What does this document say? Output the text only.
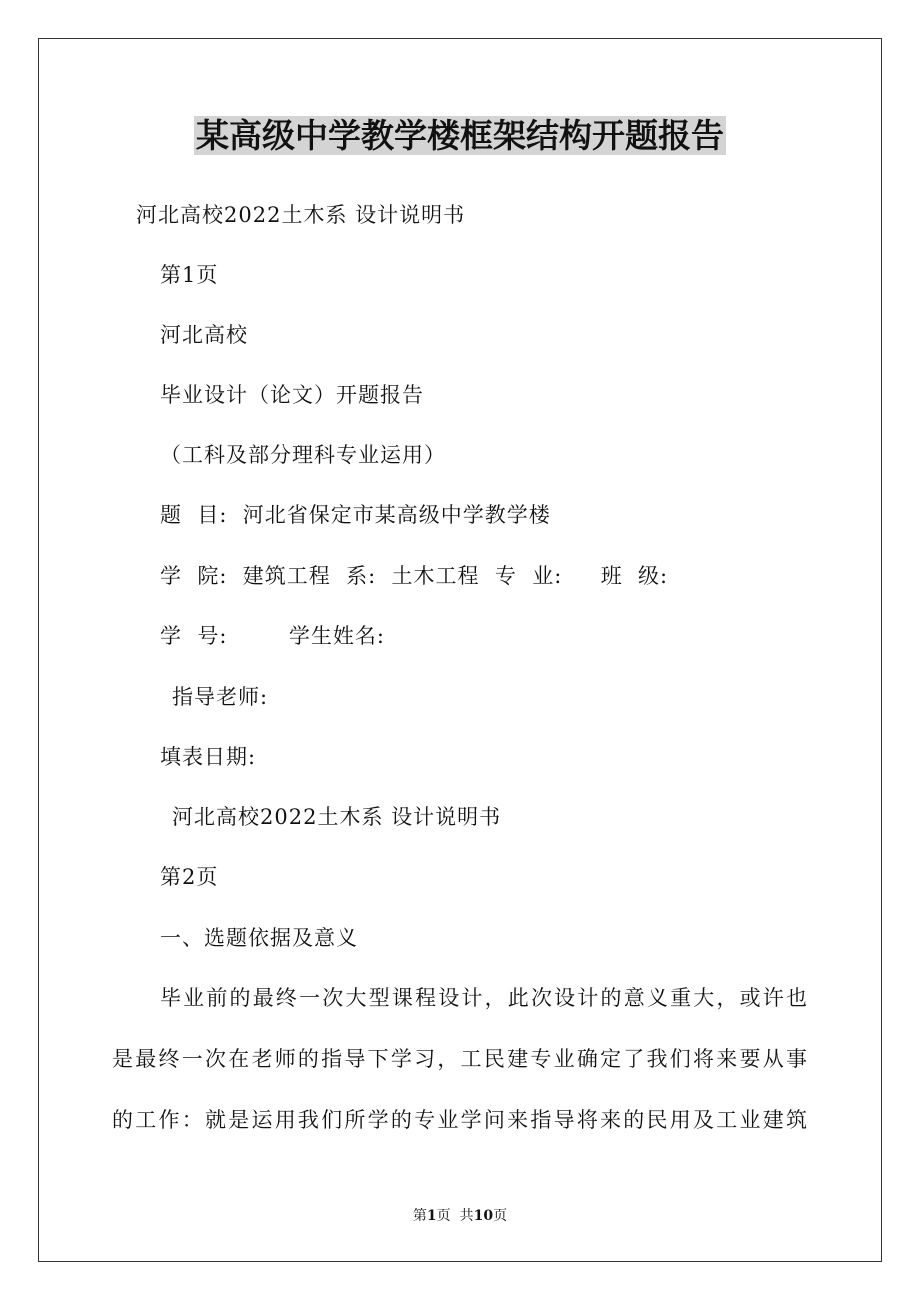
某高级中学教学楼框架结构开题报告
河北高校2022土木系 设计说明书
第1页
河北高校
毕业设计（论文）开题报告
（工科及部分理科专业运用）
题  目:  河北省保定市某高级中学教学楼
学  院:  建筑工程  系:  土木工程  专  业:     班  级:
学  号:        学生姓名:
指导老师:
填表日期:
河北高校2022土木系 设计说明书
第2页
一、选题依据及意义
毕业前的最终一次大型课程设计，此次设计的意义重大，或许也
是最终一次在老师的指导下学习，工民建专业确定了我们将来要从事
的工作：就是运用我们所学的专业学问来指导将来的民用及工业建筑
第1页  共10页
